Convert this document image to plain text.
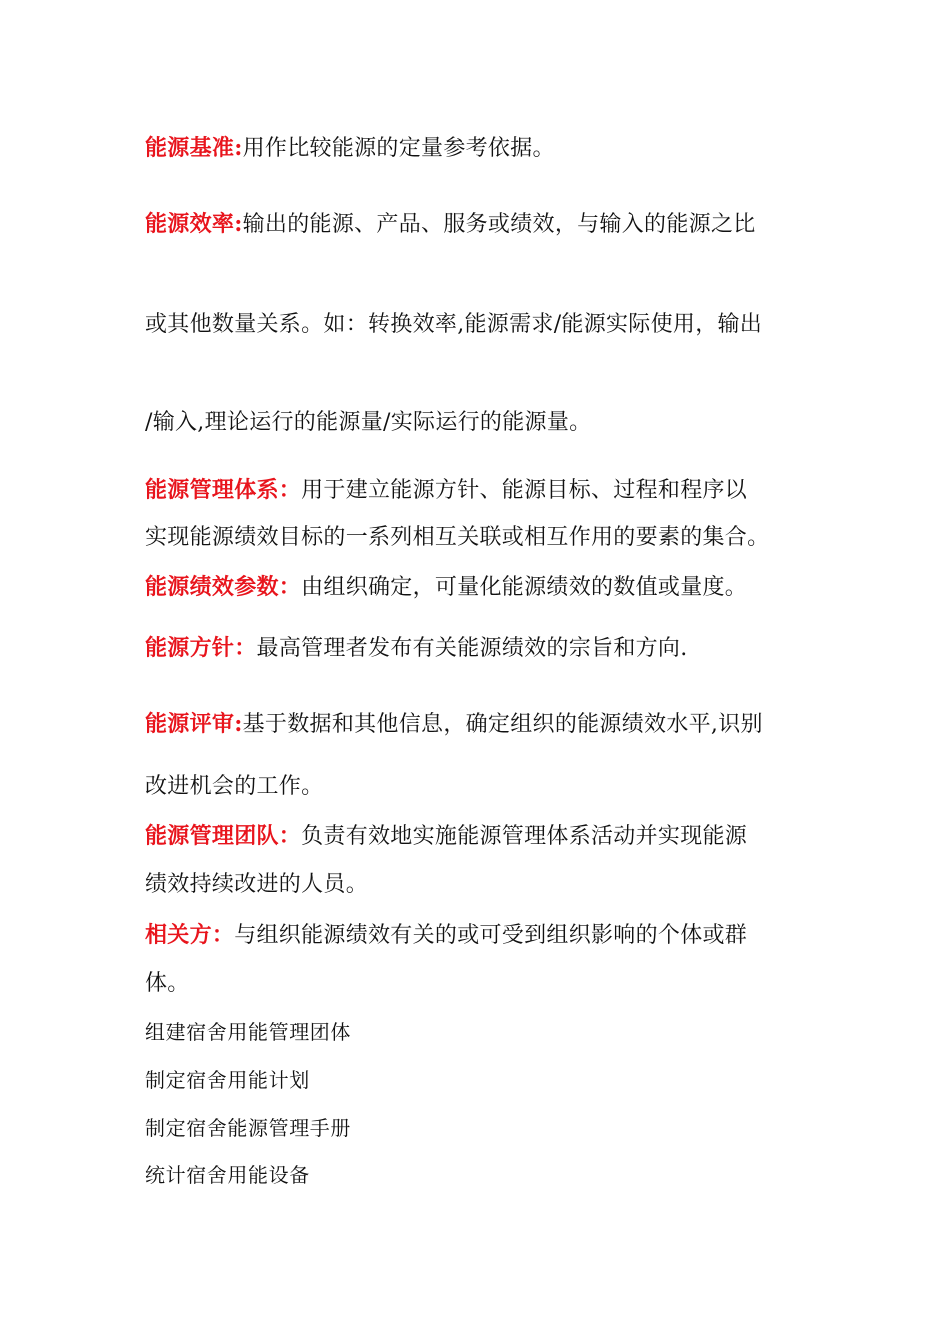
能源基准:用作比较能源的定量参考依据。
能源效率:输出的能源、产品、服务或绩效，与输入的能源之比
或其他数量关系。如：转换效率,能源需求/能源实际使用，输出
/输入,理论运行的能源量/实际运行的能源量。
能源管理体系：用于建立能源方针、能源目标、过程和程序以
实现能源绩效目标的一系列相互关联或相互作用的要素的集合。
能源绩效参数：由组织确定，可量化能源绩效的数值或量度。
能源方针：最高管理者发布有关能源绩效的宗旨和方向.
能源评审:基于数据和其他信息，确定组织的能源绩效水平,识别
改进机会的工作。
能源管理团队：负责有效地实施能源管理体系活动并实现能源
绩效持续改进的人员。
相关方：与组织能源绩效有关的或可受到组织影响的个体或群
体。
组建宿舍用能管理团体
制定宿舍用能计划
制定宿舍能源管理手册
统计宿舍用能设备
